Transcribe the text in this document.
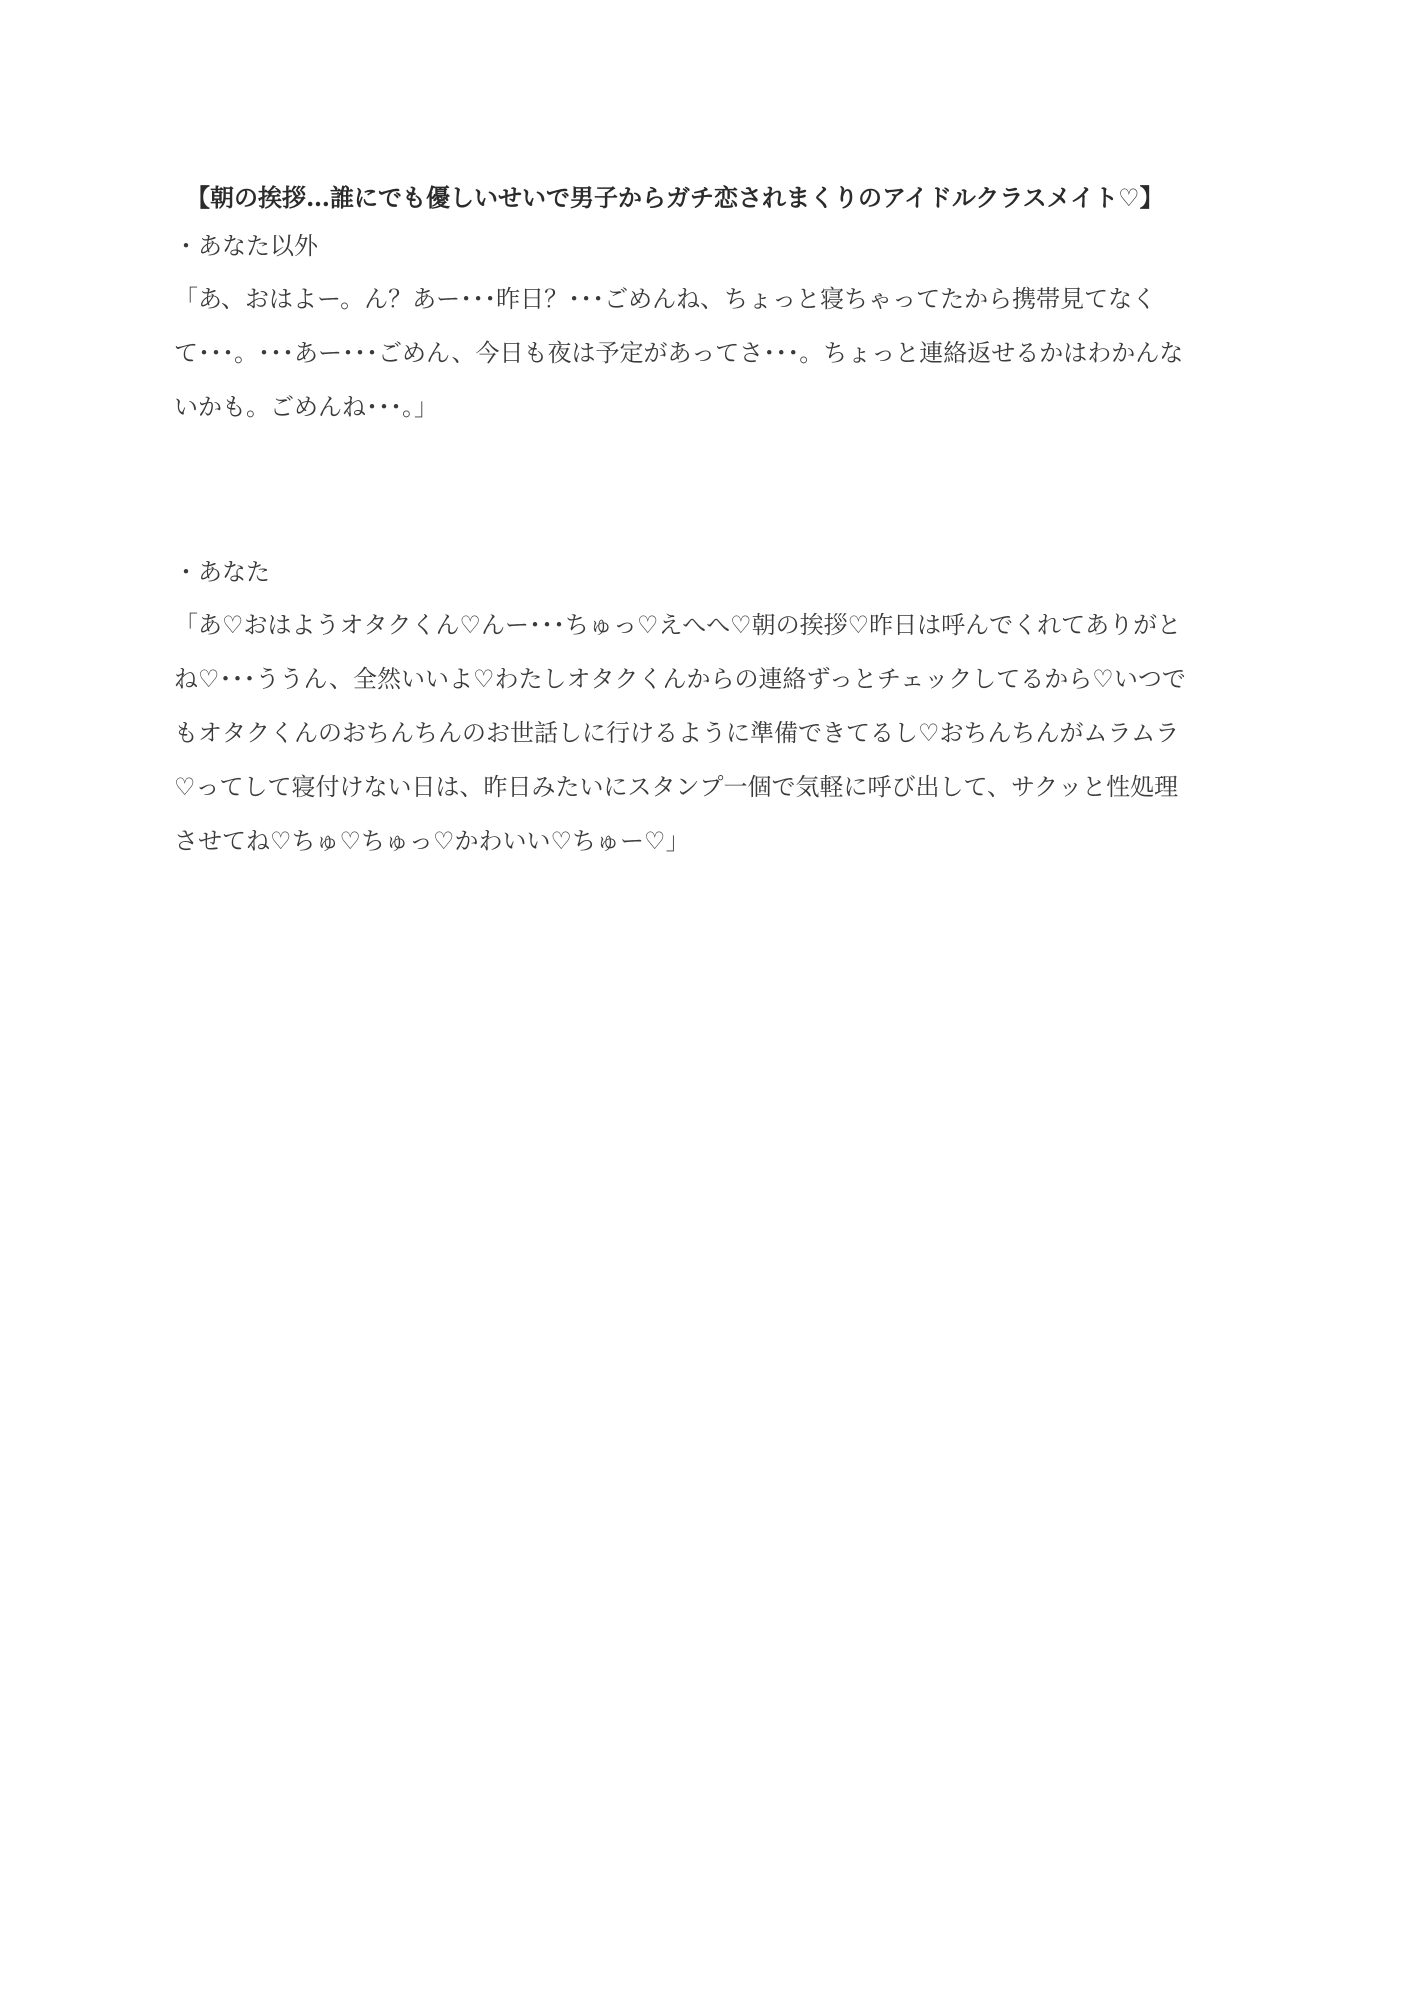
【朝の挨拶…誰にでも優しいせいで男子からガチ恋されまくりのアイドルクラスメイト♡】

・あなた以外

「あ、おはよー。ん？あー･･･昨日？･･･ごめんね、ちょっと寝ちゃってたから携帯見てなく
て･･･。･･･あー･･･ごめん、今日も夜は予定があってさ･･･。ちょっと連絡返せるかはわかんな
いかも。ごめんね･･･。」

・あなた

「あ♡おはようオタクくん♡んー･･･ちゅっ♡えへへ♡朝の挨拶♡昨日は呼んでくれてありがと
ね♡･･･ううん、全然いいよ♡わたしオタクくんからの連絡ずっとチェックしてるから♡いつで
もオタクくんのおちんちんのお世話しに行けるように準備できてるし♡おちんちんがムラムラ
♡ってして寝付けない日は、昨日みたいにスタンプ一個で気軽に呼び出して、サクッと性処理
させてね♡ちゅ♡ちゅっ♡かわいい♡ちゅー♡」
